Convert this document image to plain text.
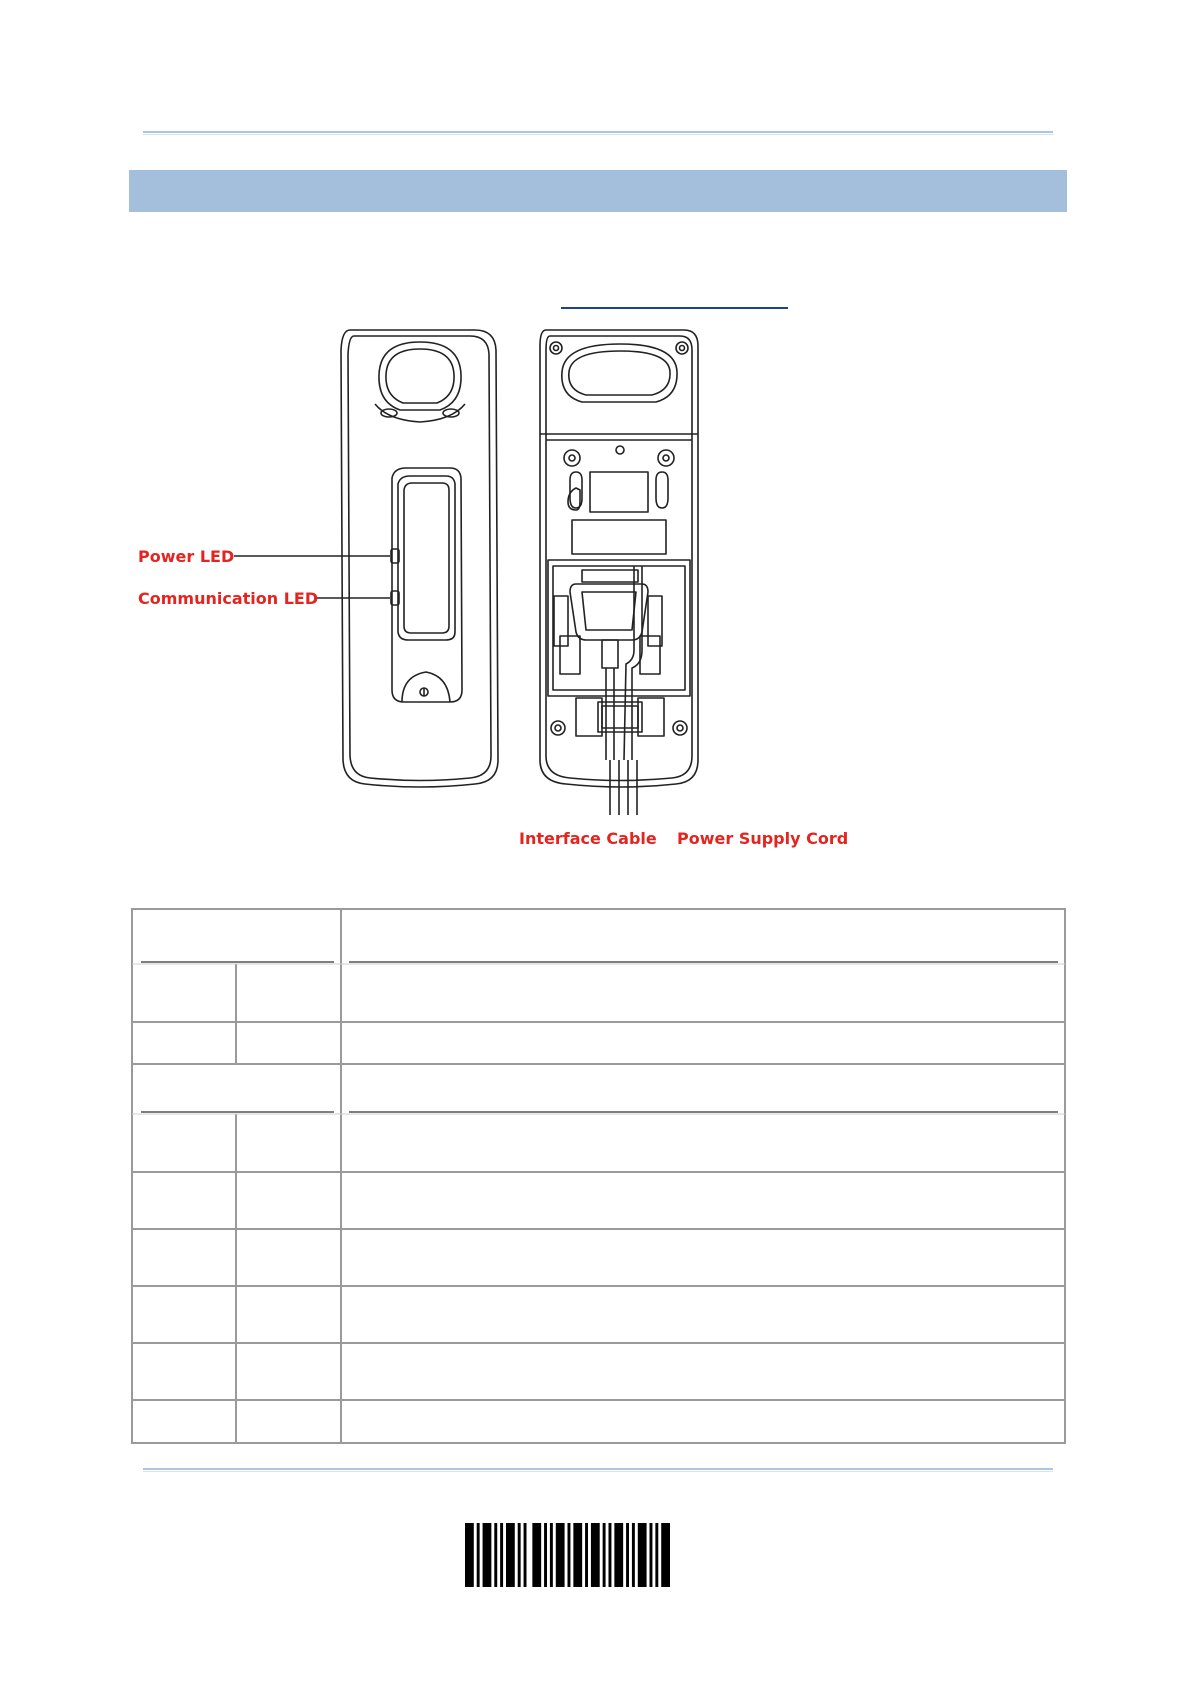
Power LED
Communication LED
Interface Cable Power Supply Cord
